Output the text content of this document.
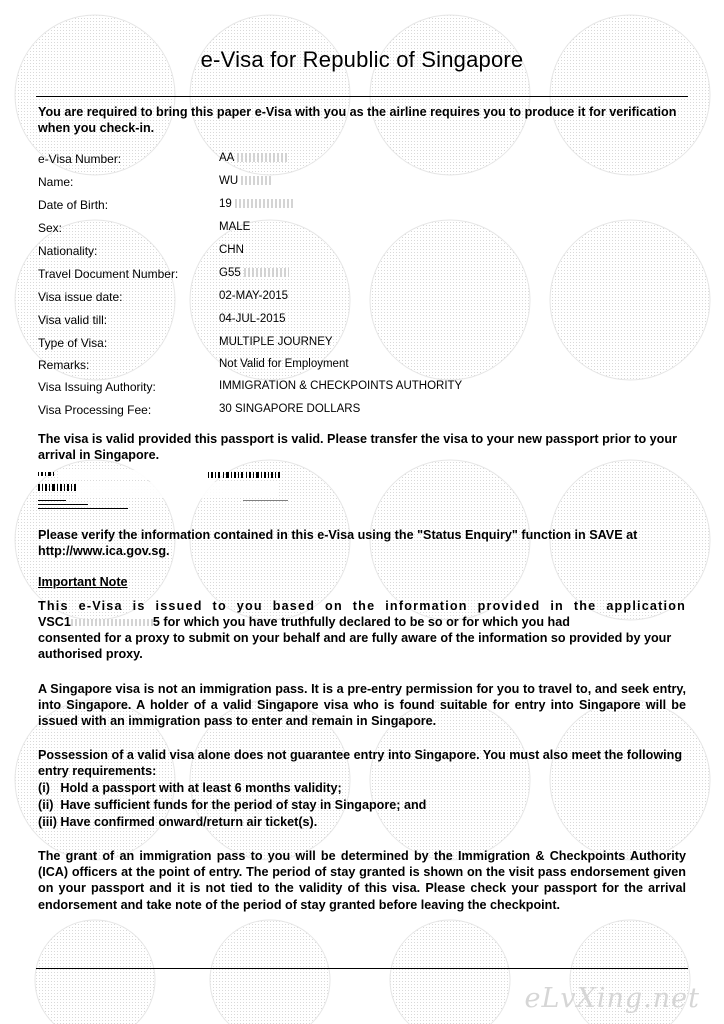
e-Visa for Republic of Singapore
You are required to bring this paper e-Visa with you as the airline requires you to produce it for verification when you check-in.
e-Visa Number:	AA
Name:	WU
Date of Birth:	19
Sex:	MALE
Nationality:	CHN
Travel Document Number:	G55
Visa issue date:	02-MAY-2015
Visa valid till:	04-JUL-2015
Type of Visa:	MULTIPLE JOURNEY
Remarks:	Not Valid for Employment
Visa Issuing Authority:	IMMIGRATION & CHECKPOINTS AUTHORITY
Visa Processing Fee:	30 SINGAPORE DOLLARS
The visa is valid provided this passport is valid. Please transfer the visa to your new passport prior to your arrival in Singapore.
Please verify the information contained in this e-Visa using the "Status Enquiry" function in SAVE at http://www.ica.gov.sg.
Important Note
This e-Visa is issued to you based on the information provided in the application
VSC1	5 for which you have truthfully declared to be so or for which you had
consented for a proxy to submit on your behalf and are fully aware of the information so provided by your authorised proxy.
A Singapore visa is not an immigration pass. It is a pre-entry permission for you to travel to, and seek entry, into Singapore. A holder of a valid Singapore visa who is found suitable for entry into Singapore will be issued with an immigration pass to enter and remain in Singapore.
Possession of a valid visa alone does not guarantee entry into Singapore. You must also meet the following entry requirements:
(i)   Hold a passport with at least 6 months validity;
(ii)  Have sufficient funds for the period of stay in Singapore; and
(iii) Have confirmed onward/return air ticket(s).
The grant of an immigration pass to you will be determined by the Immigration & Checkpoints Authority (ICA) officers at the point of entry. The period of stay granted is shown on the visit pass endorsement given on your passport and it is not tied to the validity of this visa. Please check your passport for the arrival endorsement and take note of the period of stay granted before leaving the checkpoint.
eLvXing.net
